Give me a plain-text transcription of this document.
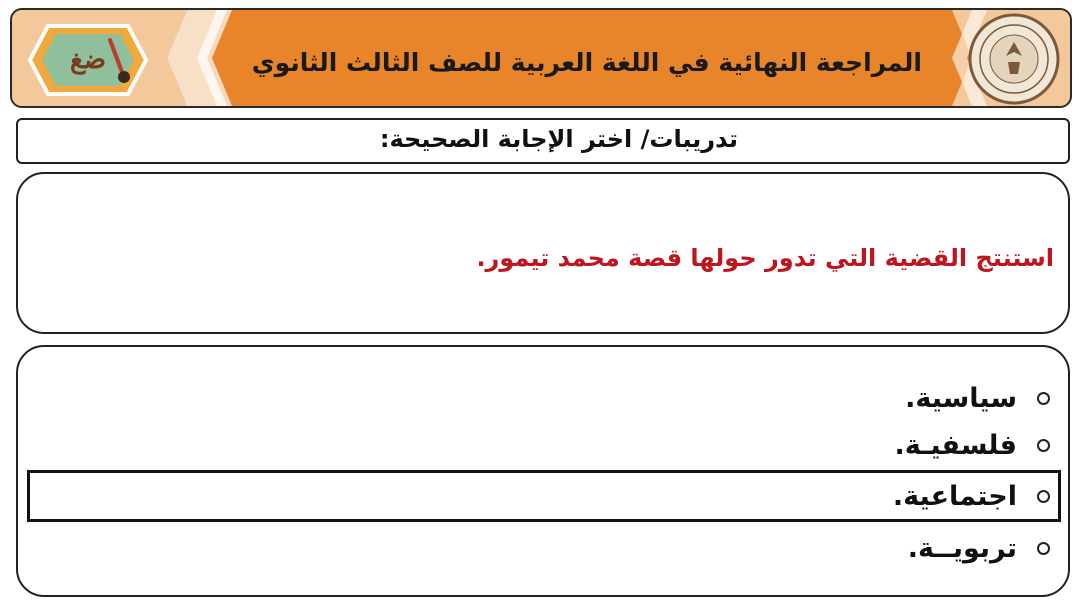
ضغ	المراجعة النهائية في اللغة العربية للصف الثالث الثانوي
تدريبات/ اختر الإجابة الصحيحة:
استنتج القضية التي تدور حولها قصة محمد تيمور.
سياسية.
فلسفيـة.
اجتماعية.
تربويــة.
